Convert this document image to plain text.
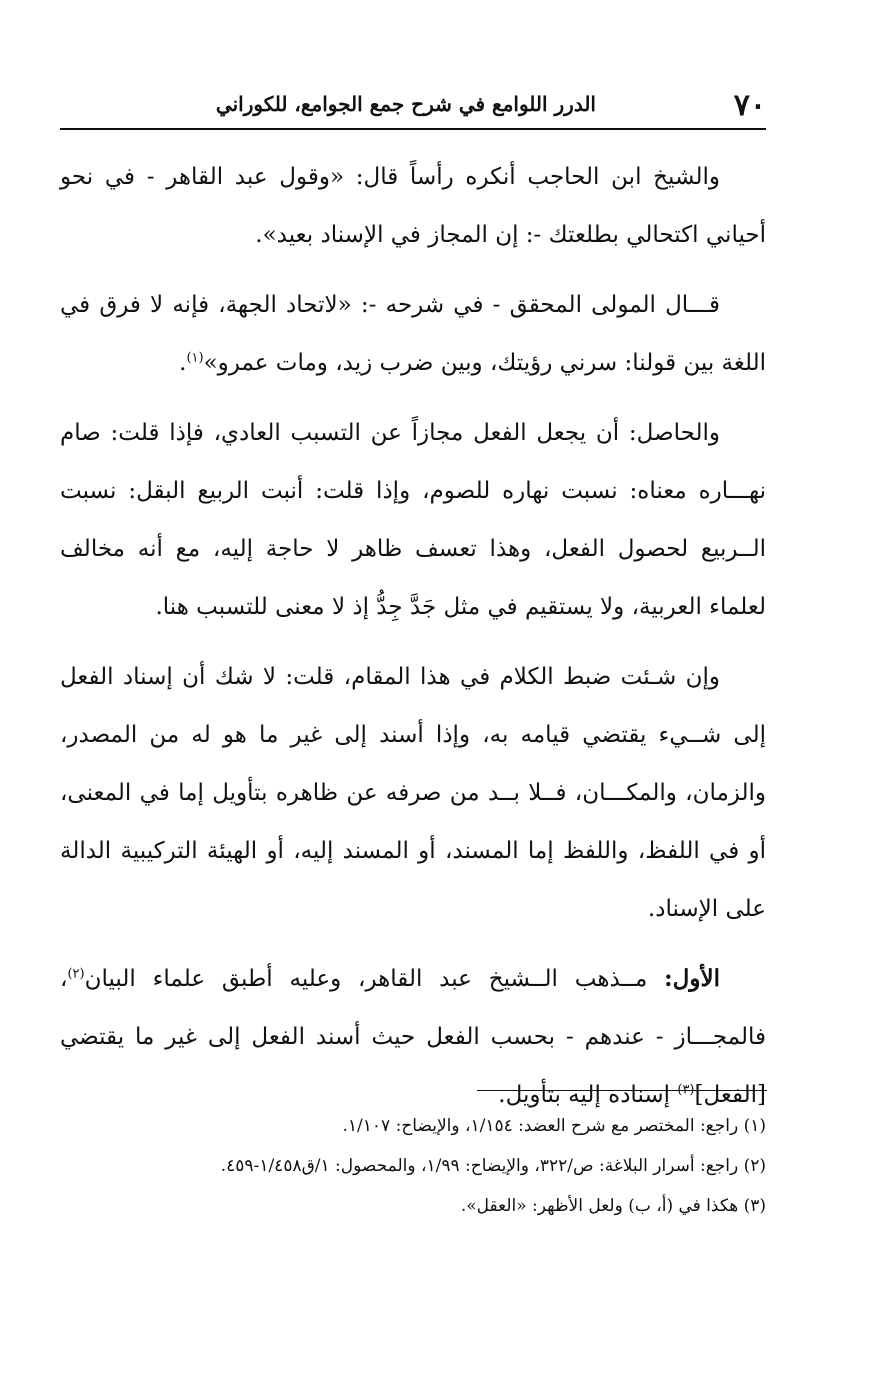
٧٠
الدرر اللوامع في شرح جمع الجوامع، للكوراني

والشيخ ابن الحاجب أنكره رأساً قال: «وقول عبد القاهر - في نحو أحياني اكتحالي بطلعتك -: إن المجاز في الإسناد بعيد».

قـــال المولى المحقق - في شرحه -: «لاتحاد الجهة، فإنه لا فرق في اللغة بين قولنا: سرني رؤيتك، وبين ضرب زيد، ومات عمرو»$^{(١)}$.

والحاصل: أن يجعل الفعل مجازاً عن التسبب العادي، فإذا قلت: صام نهـــاره معناه: نسبت نهاره للصوم، وإذا قلت: أنبت الربيع البقل: نسبت الــربيع لحصول الفعل، وهذا تعسف ظاهر لا حاجة إليه، مع أنه مخالف لعلماء العربية، ولا يستقيم في مثل جَدَّ جِدُّ إذ لا معنى للتسبب هنا.

وإن شـئت ضبط الكلام في هذا المقام، قلت: لا شك أن إسناد الفعل إلى شــيء يقتضي قيامه به، وإذا أسند إلى غير ما هو له من المصدر، والزمان، والمكـــان، فــلا بــد من صرفه عن ظاهره بتأويل إما في المعنى، أو في اللفظ، واللفظ إما المسند، أو المسند إليه، أو الهيئة التركيبية الدالة على الإسناد.

الأول: مــذهب الــشيخ عبد القاهر، وعليه أطبق علماء البيان$^{(٢)}$، فالمجـــاز - عندهم - بحسب الفعل حيث أسند الفعل إلى غير ما يقتضي [الفعل]$^{(٣)}$ إسناده إليه بتأويل.

(١) راجع: المختصر مع شرح العضد: ١/١٥٤، والإيضاح: ١/١٠٧.
(٢) راجع: أسرار البلاغة: ص/٣٢٢، والإيضاح: ١/٩٩، والمحصول: ١/ق١/٤٥٨-٤٥٩.
(٣) هكذا في (أ، ب) ولعل الأظهر: «العقل».
